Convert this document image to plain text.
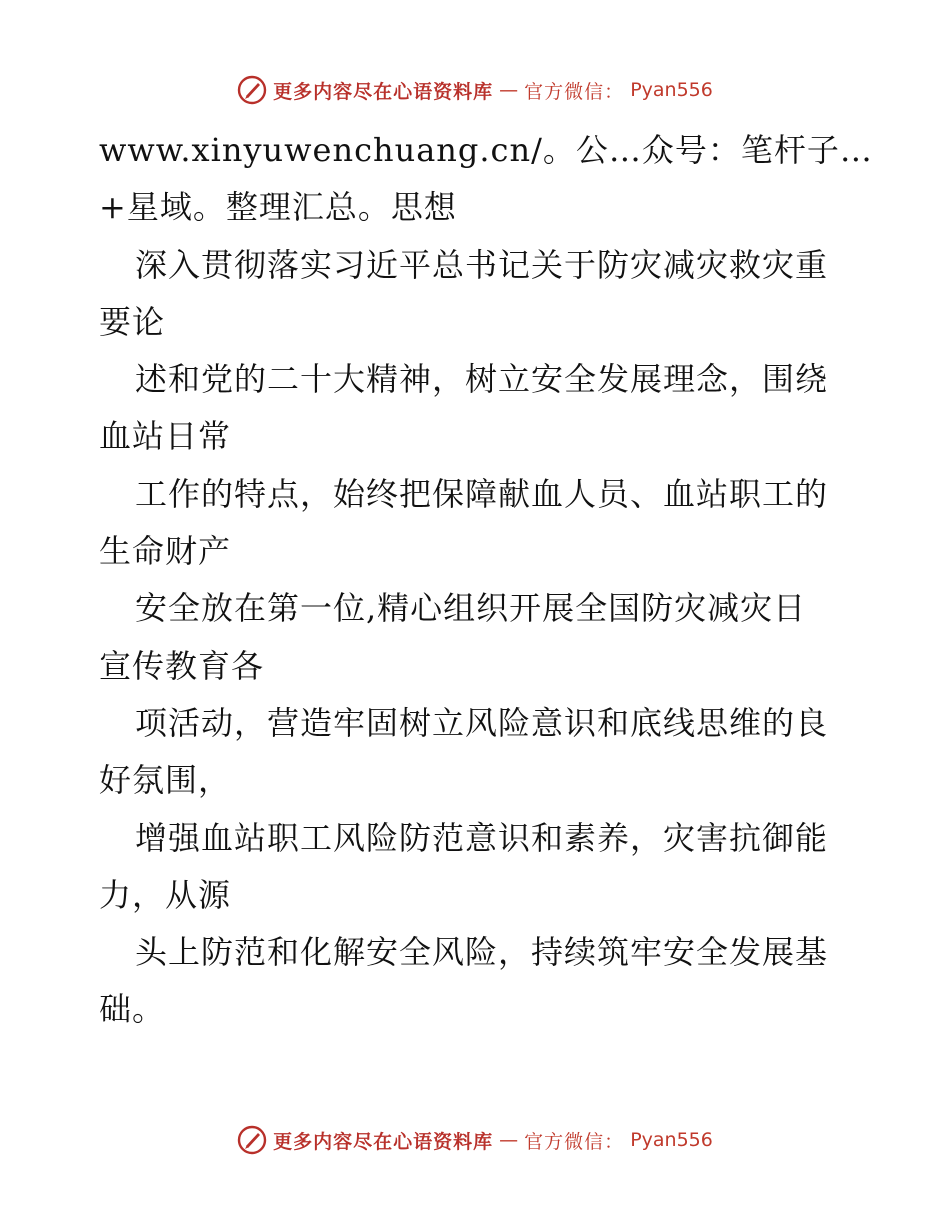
更多内容尽在心语资料库 — 官方微信： Pyan556
www.xinyuwenchuang.cn/。公…众号：笔杆子…
+星域。整理汇总。思想
深入贯彻落实习近平总书记关于防灾减灾救灾重
要论
述和党的二十大精神，树立安全发展理念，围绕
血站日常
工作的特点，始终把保障献血人员、血站职工的
生命财产
安全放在第一位,精心组织开展全国防灾减灾日
宣传教育各
项活动，营造牢固树立风险意识和底线思维的良
好氛围，
增强血站职工风险防范意识和素养，灾害抗御能
力，从源
头上防范和化解安全风险，持续筑牢安全发展基
础。
更多内容尽在心语资料库 — 官方微信： Pyan556
